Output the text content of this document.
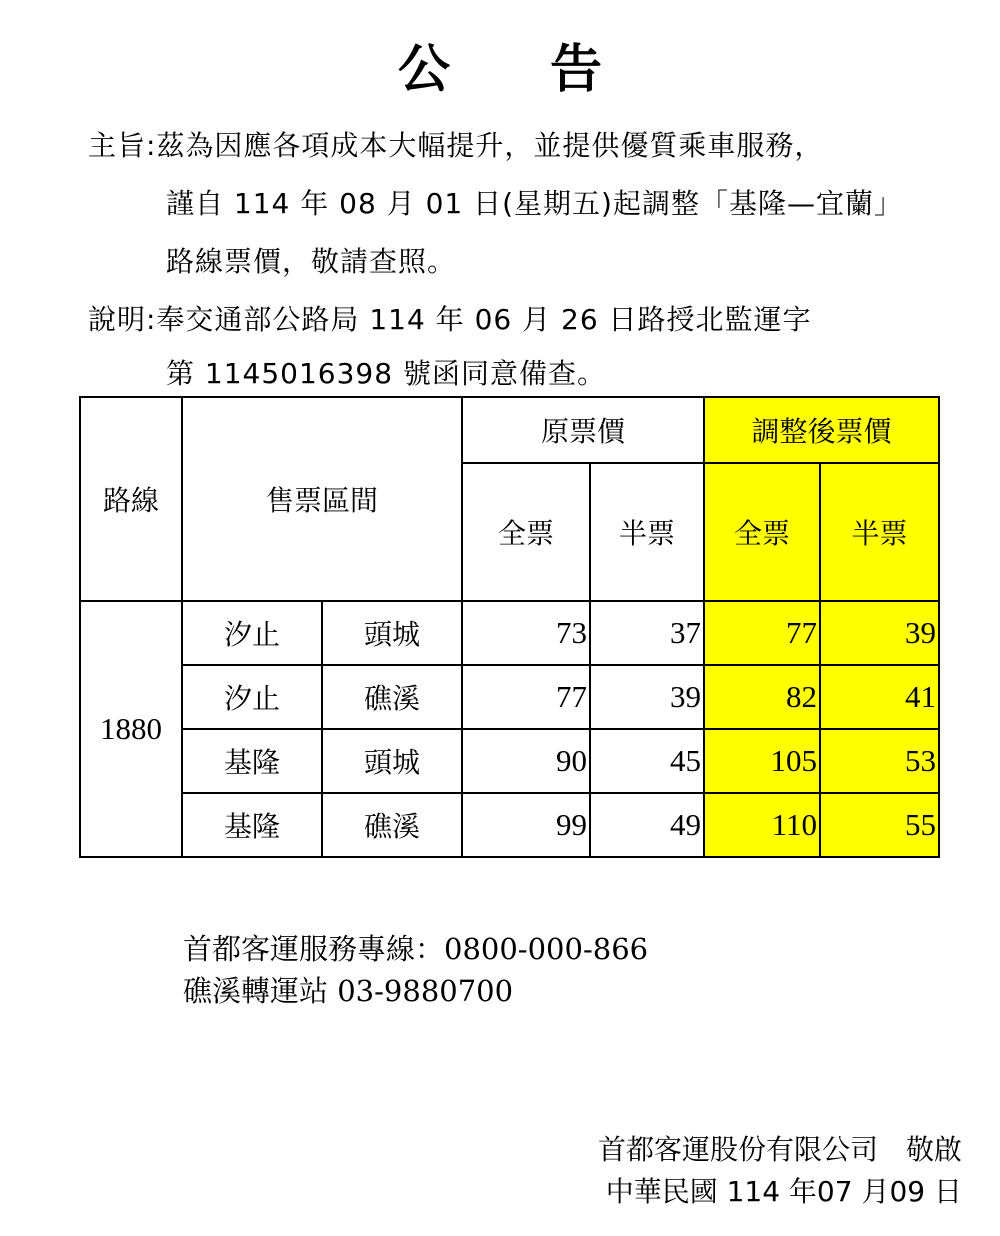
公告
主旨:茲為因應各項成本大幅提升，並提供優質乘車服務，
謹自 114 年 08 月 01 日(星期五)起調整「基隆—宜蘭」
路線票價，敬請查照。
說明:奉交通部公路局 114 年 06 月 26 日路授北監運字
第 1145016398 號函同意備查。
路線	售票區間		原票價		調整後票價	
			全票	半票	全票	半票
1880	汐止	頭城	73	37	77	39
	汐止	礁溪	77	39	82	41
	基隆	頭城	90	45	105	53
	基隆	礁溪	99	49	110	55
首都客運服務專線：0800-000-866
礁溪轉運站 03-9880700
首都客運股份有限公司　敬啟
中華民國 114 年07 月09 日
